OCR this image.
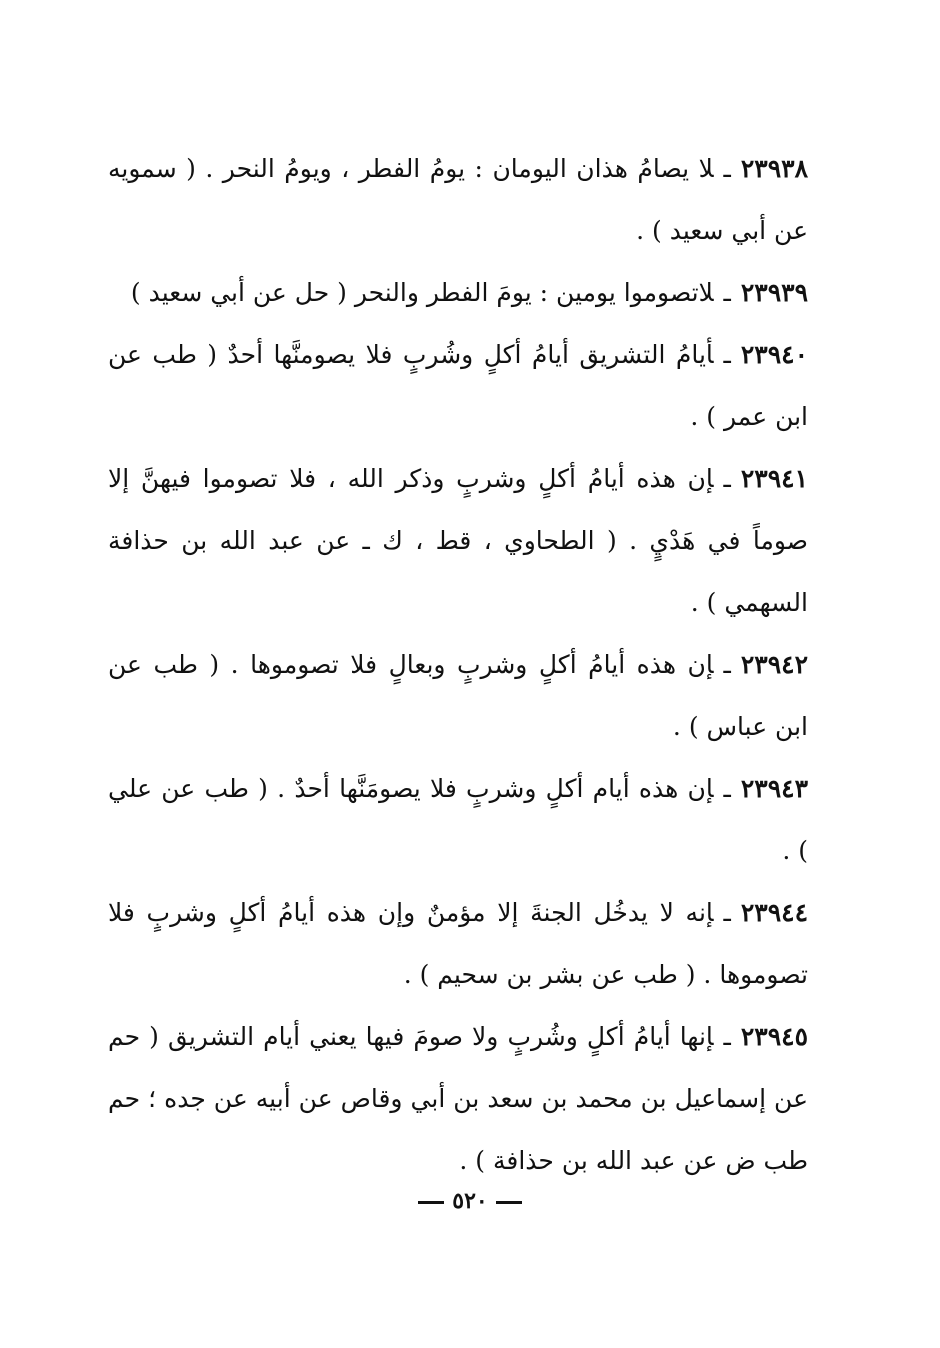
٢٣٩٣٨ـلا يصامُ هذان اليومان : يومُ الفطر ، ويومُ النحر . ( سمويه عن أبي سعيد ) .

٢٣٩٣٩ـلاتصوموا يومين : يومَ الفطر والنحر ( حل عن أبي سعيد )

٢٣٩٤٠ـأيامُ التشريق أيامُ أكلٍ وشُربٍ فلا يصومنَّها أحدٌ ( طب عن ابن عمر ) .

٢٣٩٤١ـإن هذه أيامُ أكلٍ وشربٍ وذكر الله ، فلا تصوموا فيهنَّ إلا صوماً في هَدْيٍ . ( الطحاوي ، قط ، ك ـ عن عبد الله بن حذافة السهمي ) .

٢٣٩٤٢ـإن هذه أيامُ أكلٍ وشربٍ وبعالٍ فلا تصوموها . ( طب عن ابن عباس ) .

٢٣٩٤٣ـإن هذه أيام أكلٍ وشربٍ فلا يصومَنَّها أحدٌ . ( طب عن علي ) .

٢٣٩٤٤ـإنه لا يدخُل الجنةَ إلا مؤمنٌ وإن هذه أيامُ أكلٍ وشربٍ فلا تصوموها . ( طب عن بشر بن سحيم ) .

٢٣٩٤٥ـإنها أيامُ أكلٍ وشُربٍ ولا صومَ فيها يعني أيام التشريق ( حم عن إسماعيل بن محمد بن سعد بن أبي وقاص عن أبيه عن جده ؛ حم طب ض عن عبد الله بن حذافة ) .

٥٢٠
